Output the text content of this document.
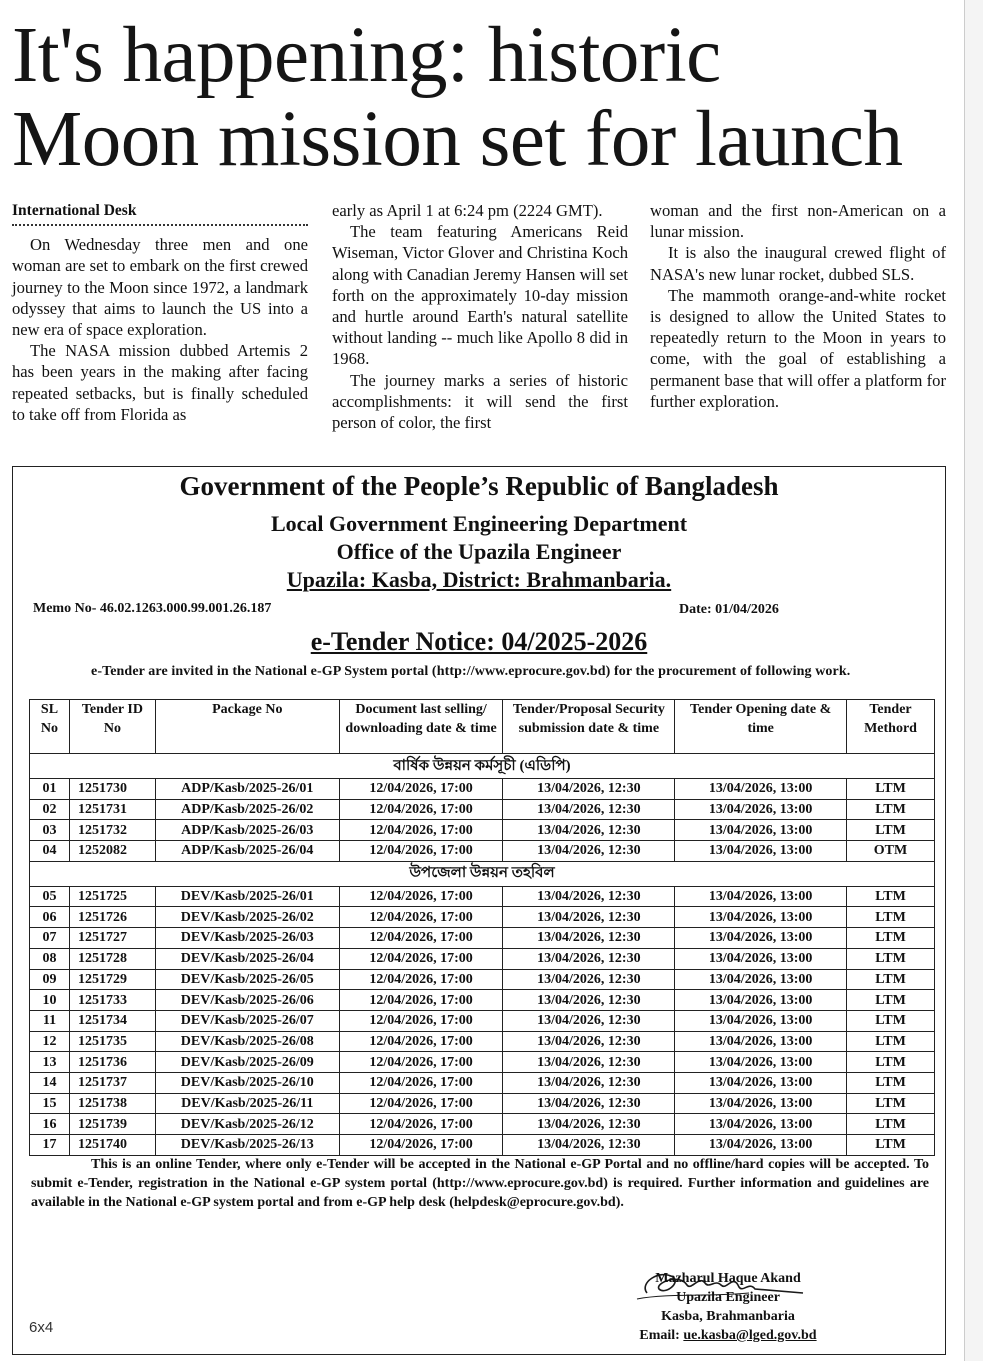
It's happening: historic
Moon mission set for launch
International Desk

On Wednesday three men and one woman are set to embark on the first crewed journey to the Moon since 1972, a landmark odyssey that aims to launch the US into a new era of space exploration.

The NASA mission dubbed Artemis 2 has been years in the making after facing repeated setbacks, but is finally scheduled to take off from Florida as

early as April 1 at 6:24 pm (2224 GMT).

The team featuring Americans Reid Wiseman, Victor Glover and Christina Koch along with Canadian Jeremy Hansen will set forth on the approximately 10-day mission and hurtle around Earth's natural satellite without landing -- much like Apollo 8 did in 1968.

The journey marks a series of historic accomplishments: it will send the first person of color, the first

woman and the first non-American on a lunar mission.

It is also the inaugural crewed flight of NASA's new lunar rocket, dubbed SLS.

The mammoth orange-and-white rocket is designed to allow the United States to repeatedly return to the Moon in years to come, with the goal of establishing a permanent base that will offer a platform for further exploration.

Government of the People’s Republic of Bangladesh
Local Government Engineering Department
Office of the Upazila Engineer
Upazila: Kasba, District: Brahmanbaria.
Memo No- 46.02.1263.000.99.001.26.187	Date: 01/04/2026
e-Tender Notice: 04/2025-2026
e-Tender are invited in the National e-GP System portal (http://www.eprocure.gov.bd) for the procurement of following work.
SL No	Tender ID No	Package No	Document last selling/ downloading date & time	Tender/Proposal Security submission date & time	Tender Opening date & time	Tender Methord
বার্ষিক উন্নয়ন কর্মসূচী (এডিপি)						
01	1251730	ADP/Kasb/2025-26/01	12/04/2026, 17:00	13/04/2026, 12:30	13/04/2026, 13:00	LTM
02	1251731	ADP/Kasb/2025-26/02	12/04/2026, 17:00	13/04/2026, 12:30	13/04/2026, 13:00	LTM
03	1251732	ADP/Kasb/2025-26/03	12/04/2026, 17:00	13/04/2026, 12:30	13/04/2026, 13:00	LTM
04	1252082	ADP/Kasb/2025-26/04	12/04/2026, 17:00	13/04/2026, 12:30	13/04/2026, 13:00	OTM
উপজেলা উন্নয়ন তহবিল						
05	1251725	DEV/Kasb/2025-26/01	12/04/2026, 17:00	13/04/2026, 12:30	13/04/2026, 13:00	LTM
06	1251726	DEV/Kasb/2025-26/02	12/04/2026, 17:00	13/04/2026, 12:30	13/04/2026, 13:00	LTM
07	1251727	DEV/Kasb/2025-26/03	12/04/2026, 17:00	13/04/2026, 12:30	13/04/2026, 13:00	LTM
08	1251728	DEV/Kasb/2025-26/04	12/04/2026, 17:00	13/04/2026, 12:30	13/04/2026, 13:00	LTM
09	1251729	DEV/Kasb/2025-26/05	12/04/2026, 17:00	13/04/2026, 12:30	13/04/2026, 13:00	LTM
10	1251733	DEV/Kasb/2025-26/06	12/04/2026, 17:00	13/04/2026, 12:30	13/04/2026, 13:00	LTM
11	1251734	DEV/Kasb/2025-26/07	12/04/2026, 17:00	13/04/2026, 12:30	13/04/2026, 13:00	LTM
12	1251735	DEV/Kasb/2025-26/08	12/04/2026, 17:00	13/04/2026, 12:30	13/04/2026, 13:00	LTM
13	1251736	DEV/Kasb/2025-26/09	12/04/2026, 17:00	13/04/2026, 12:30	13/04/2026, 13:00	LTM
14	1251737	DEV/Kasb/2025-26/10	12/04/2026, 17:00	13/04/2026, 12:30	13/04/2026, 13:00	LTM
15	1251738	DEV/Kasb/2025-26/11	12/04/2026, 17:00	13/04/2026, 12:30	13/04/2026, 13:00	LTM
16	1251739	DEV/Kasb/2025-26/12	12/04/2026, 17:00	13/04/2026, 12:30	13/04/2026, 13:00	LTM
17	1251740	DEV/Kasb/2025-26/13	12/04/2026, 17:00	13/04/2026, 12:30	13/04/2026, 13:00	LTM

This is an online Tender, where only e-Tender will be accepted in the National e-GP Portal and no offline/hard copies will be accepted. To submit e-Tender, registration in the National e-GP system portal (http://www.eprocure.gov.bd) is required. Further information and guidelines are available in the National e-GP system portal and from e-GP help desk (helpdesk@eprocure.gov.bd).

Mazharul Haque Akand
Upazila Engineer
Kasba, Brahmanbaria
Email: ue.kasba@lged.gov.bd
6x4
